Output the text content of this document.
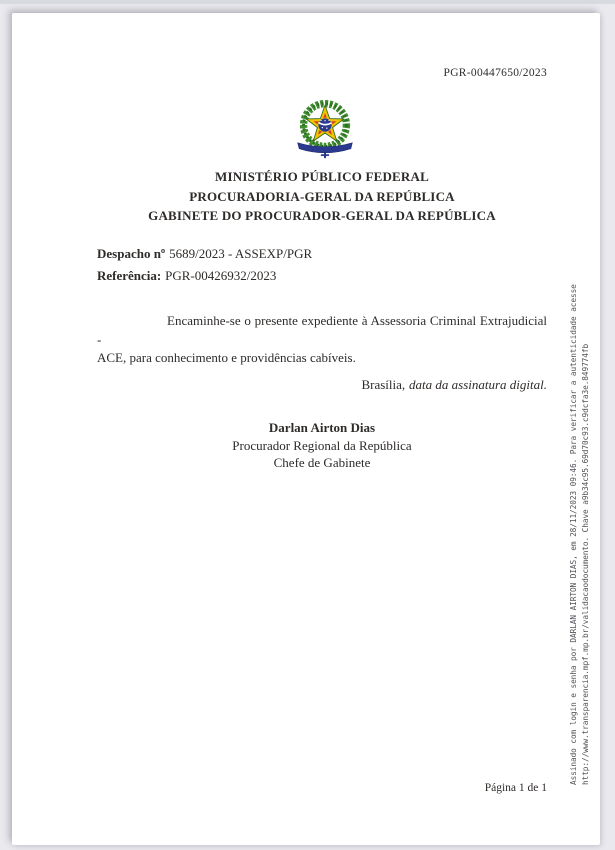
PGR-00447650/2023
MINISTÉRIO PÚBLICO FEDERAL
PROCURADORIA-GERAL DA REPÚBLICA
GABINETE DO PROCURADOR-GERAL DA REPÚBLICA
Despacho nº 5689/2023 - ASSEXP/PGR
Referência: PGR-00426932/2023
Encaminhe-se o presente expediente à Assessoria Criminal Extrajudicial -
ACE, para conhecimento e providências cabíveis.
Brasília, data da assinatura digital.
Darlan Airton Dias
Procurador Regional da República
Chefe de Gabinete	Assinado com login e senha por DARLAN AIRTON DIAS, em 28/11/2023 09:46. Para verificar a autenticidade acesse http://www.transparencia.mpf.mp.br/validacaodocumento. Chave a9b34c95.69d70c93.c9dcfa3e.849774fb
Página 1 de 1
